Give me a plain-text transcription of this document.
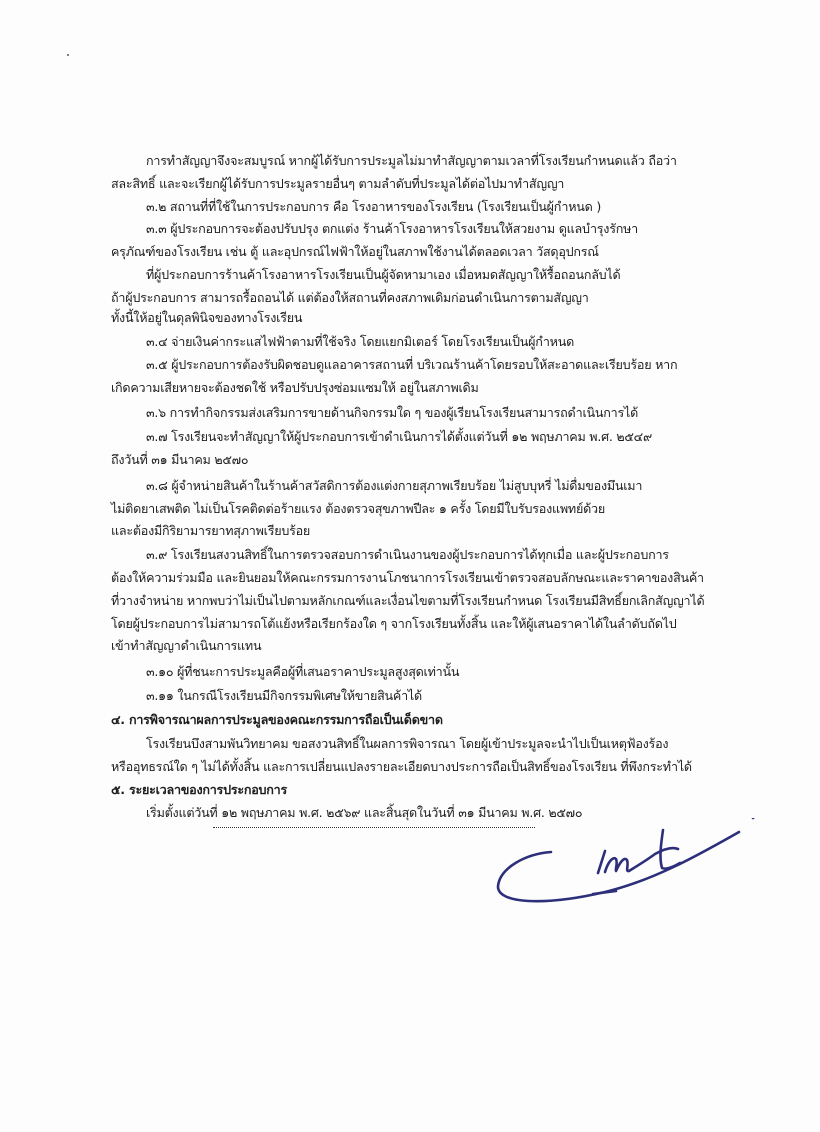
การทำสัญญาจึงจะสมบูรณ์ หากผู้ได้รับการประมูลไม่มาทำสัญญาตามเวลาที่โรงเรียนกำหนดแล้ว ถือว่า
สละสิทธิ์ และจะเรียกผู้ได้รับการประมูลรายอื่นๆ ตามลำดับที่ประมูลได้ต่อไปมาทำสัญญา
๓.๒ สถานที่ที่ใช้ในการประกอบการ คือ โรงอาหารของโรงเรียน (โรงเรียนเป็นผู้กำหนด )
๓.๓ ผู้ประกอบการจะต้องปรับปรุง ตกแต่ง ร้านค้าโรงอาหารโรงเรียนให้สวยงาม ดูแลบำรุงรักษา
ครุภัณฑ์ของโรงเรียน เช่น ตู้ และอุปกรณ์ไฟฟ้าให้อยู่ในสภาพใช้งานได้ตลอดเวลา วัสดุอุปกรณ์
ที่ผู้ประกอบการร้านค้าโรงอาหารโรงเรียนเป็นผู้จัดหามาเอง เมื่อหมดสัญญาให้รื้อถอนกลับได้
ถ้าผู้ประกอบการ สามารถรื้อถอนได้ แต่ต้องให้สถานที่คงสภาพเดิมก่อนดำเนินการตามสัญญา
ทั้งนี้ให้อยู่ในดุลพินิจของทางโรงเรียน
๓.๔ จ่ายเงินค่ากระแสไฟฟ้าตามที่ใช้จริง โดยแยกมิเตอร์ โดยโรงเรียนเป็นผู้กำหนด
๓.๕ ผู้ประกอบการต้องรับผิดชอบดูแลอาคารสถานที่ บริเวณร้านค้าโดยรอบให้สะอาดและเรียบร้อย หาก
เกิดความเสียหายจะต้องชดใช้ หรือปรับปรุงซ่อมแซมให้ อยู่ในสภาพเดิม
๓.๖ การทำกิจกรรมส่งเสริมการขายด้านกิจกรรมใด ๆ ของผู้เรียนโรงเรียนสามารถดำเนินการได้
๓.๗ โรงเรียนจะทำสัญญาให้ผู้ประกอบการเข้าดำเนินการได้ตั้งแต่วันที่ ๑๒ พฤษภาคม พ.ศ. ๒๕๔๙
ถึงวันที่ ๓๑ มีนาคม ๒๕๗๐
๓.๘ ผู้จำหน่ายสินค้าในร้านค้าสวัสดิการต้องแต่งกายสุภาพเรียบร้อย ไม่สูบบุหรี่ ไม่ดื่มของมึนเมา
ไม่ติดยาเสพติด ไม่เป็นโรคติดต่อร้ายแรง ต้องตรวจสุขภาพปีละ ๑ ครั้ง โดยมีใบรับรองแพทย์ด้วย
และต้องมีกิริยามารยาทสุภาพเรียบร้อย
๓.๙ โรงเรียนสงวนสิทธิ์ในการตรวจสอบการดำเนินงานของผู้ประกอบการได้ทุกเมื่อ และผู้ประกอบการ
ต้องให้ความร่วมมือ และยินยอมให้คณะกรรมการงานโภชนาการโรงเรียนเข้าตรวจสอบลักษณะและราคาของสินค้า
ที่วางจำหน่าย หากพบว่าไม่เป็นไปตามหลักเกณฑ์และเงื่อนไขตามที่โรงเรียนกำหนด โรงเรียนมีสิทธิ์ยกเลิกสัญญาได้
โดยผู้ประกอบการไม่สามารถโต้แย้งหรือเรียกร้องใด ๆ จากโรงเรียนทั้งสิ้น และให้ผู้เสนอราคาได้ในลำดับถัดไป
เข้าทำสัญญาดำเนินการแทน
๓.๑๐ ผู้ที่ชนะการประมูลคือผู้ที่เสนอราคาประมูลสูงสุดเท่านั้น
๓.๑๑ ในกรณีโรงเรียนมีกิจกรรมพิเศษให้ขายสินค้าได้
๔. การพิจารณาผลการประมูลของคณะกรรมการถือเป็นเด็ดขาด
โรงเรียนบึงสามพันวิทยาคม ขอสงวนสิทธิ์ในผลการพิจารณา โดยผู้เข้าประมูลจะนำไปเป็นเหตุฟ้องร้อง
หรืออุทธรณ์ใด ๆ ไม่ได้ทั้งสิ้น และการเปลี่ยนแปลงรายละเอียดบางประการถือเป็นสิทธิ์ของโรงเรียน ที่พึงกระทำได้
๕. ระยะเวลาของการประกอบการ
เริ่มตั้งแต่วันที่ ๑๒ พฤษภาคม พ.ศ. ๒๕๖๙ และสิ้นสุดในวันที่ ๓๑ มีนาคม พ.ศ. ๒๕๗๐
